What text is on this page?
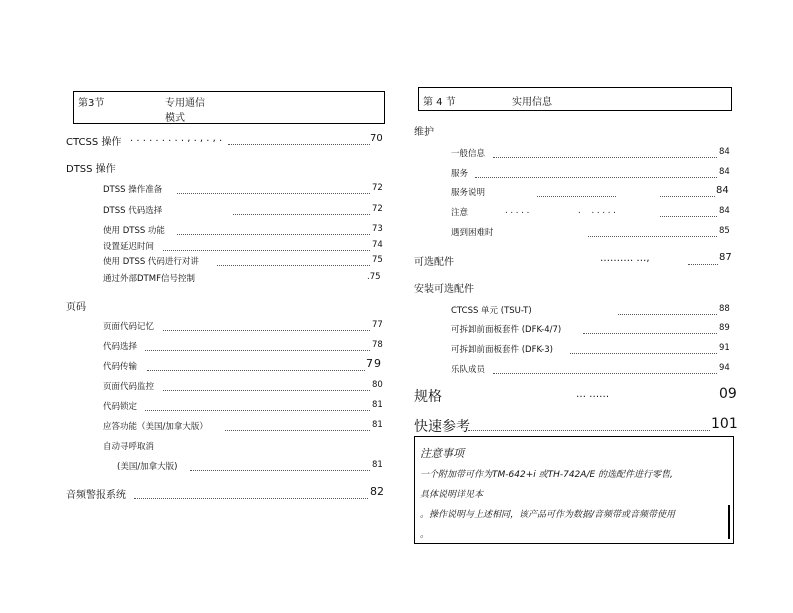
第3节	专用通信
模式
CTCSS 操作 . . . . . . . . . , . , . , .	70
DTSS 操作
DTSS 操作准备	72
DTSS 代码选择	72
使用 DTSS 功能	73
设置延迟时间	74
使用 DTSS 代码进行对讲	75
通过外部DTMF信号控制	.75
页码
页面代码记忆	77
代码选择	78
代码传输	79
页面代码监控	80
代码锁定	81
应答功能（美国/加拿大版）	81
自动寻呼取消
(美国/加拿大版)	81
音频警报系统	82
第 4 节	实用信息
维护
一般信息	84
服务	84
服务说明	84
注意	. . . . .	.    . . . . .	84
遇到困难时	85
可选配件	………. …,	87
安装可选配件
CTCSS 单元 (TSU-T)	88
可拆卸前面板套件 (DFK-4/7)	89
可拆卸前面板套件 (DFK-3)	91
乐队成员	94
规格	… ……	09
快速参考	101
注意事项
一个附加带可作为TM-642+i 或TH-742A/E 的选配件进行零售,
具体说明详见本
。操作说明与上述相同，该产品可作为数据/音频带或音频带使用
。
